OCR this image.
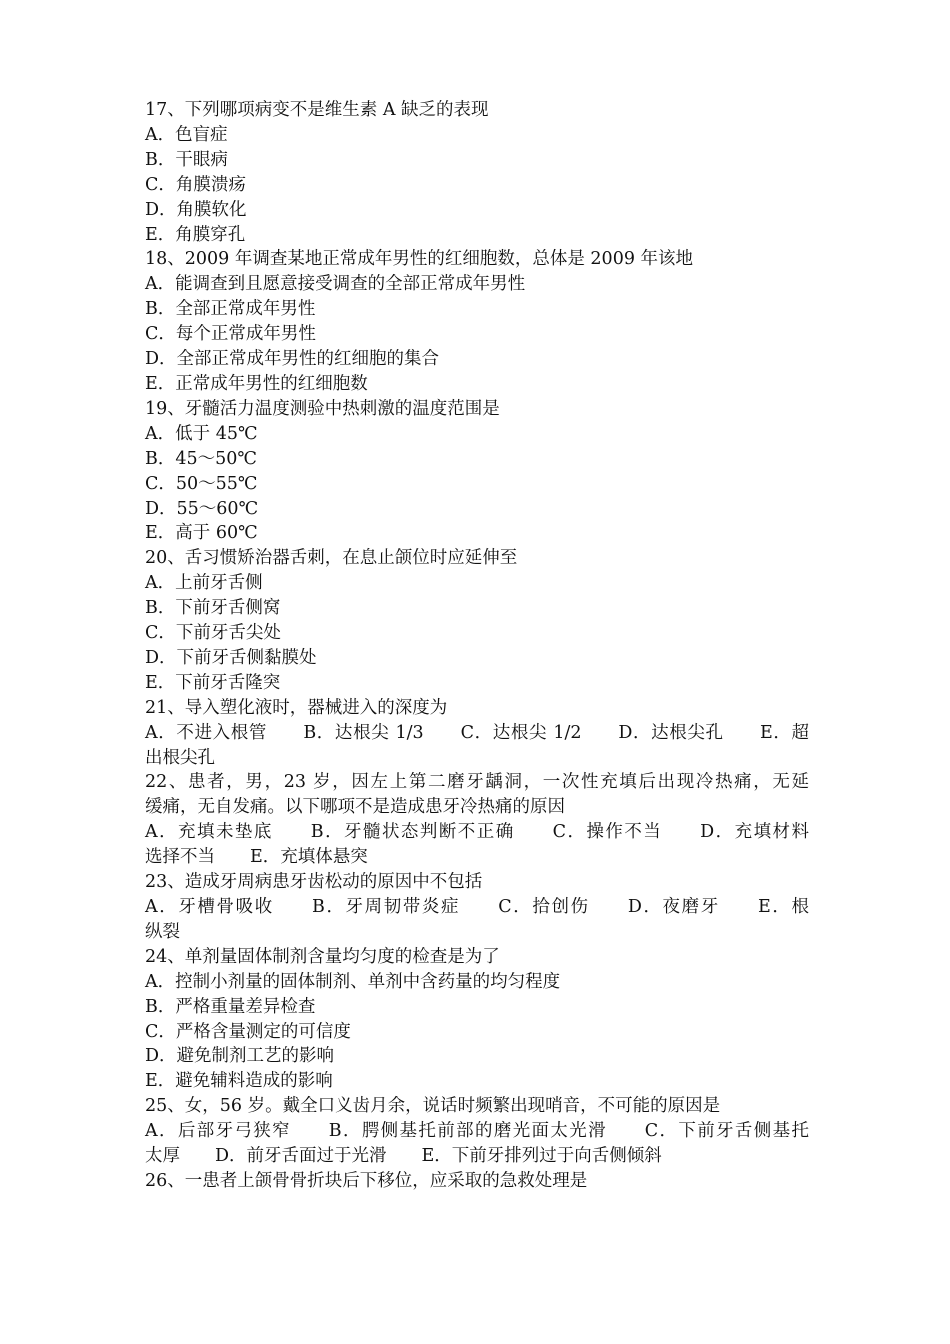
17、下列哪项病变不是维生素 A 缺乏的表现

A．色盲症

B．干眼病

C．角膜溃疡

D．角膜软化

E．角膜穿孔

18、2009 年调查某地正常成年男性的红细胞数，总体是 2009 年该地

A．能调查到且愿意接受调查的全部正常成年男性

B．全部正常成年男性

C．每个正常成年男性

D．全部正常成年男性的红细胞的集合

E．正常成年男性的红细胞数

19、牙髓活力温度测验中热刺激的温度范围是

A．低于 45℃

B．45～50℃

C．50～55℃

D．55～60℃

E．高于 60℃

20、舌习惯矫治器舌刺，在息止颌位时应延伸至

A．上前牙舌侧

B．下前牙舌侧窝

C．下前牙舌尖处

D．下前牙舌侧黏膜处

E．下前牙舌隆突

21、导入塑化液时，器械进入的深度为

A．不进入根管　　B．达根尖 1/3　　C．达根尖 1/2　　D．达根尖孔　　E．超

出根尖孔

22、患者，男，23 岁，因左上第二磨牙龋洞，一次性充填后出现冷热痛，无延

缓痛，无自发痛。以下哪项不是造成患牙冷热痛的原因

A．充填未垫底　　B．牙髓状态判断不正确　　C．操作不当　　D．充填材料

选择不当　　E．充填体悬突

23、造成牙周病患牙齿松动的原因中不包括

A．牙槽骨吸收　　B．牙周韧带炎症　　C．拾创伤　　D．夜磨牙　　E．根

纵裂

24、单剂量固体制剂含量均匀度的检查是为了

A．控制小剂量的固体制剂、单剂中含药量的均匀程度

B．严格重量差异检查

C．严格含量测定的可信度

D．避免制剂工艺的影响

E．避免辅料造成的影响

25、女，56 岁。戴全口义齿月余，说话时频繁出现哨音，不可能的原因是

A．后部牙弓狭窄　　B．腭侧基托前部的磨光面太光滑　　C．下前牙舌侧基托

太厚　　D．前牙舌面过于光滑　　E．下前牙排列过于向舌侧倾斜

26、一患者上颌骨骨折块后下移位，应采取的急救处理是
